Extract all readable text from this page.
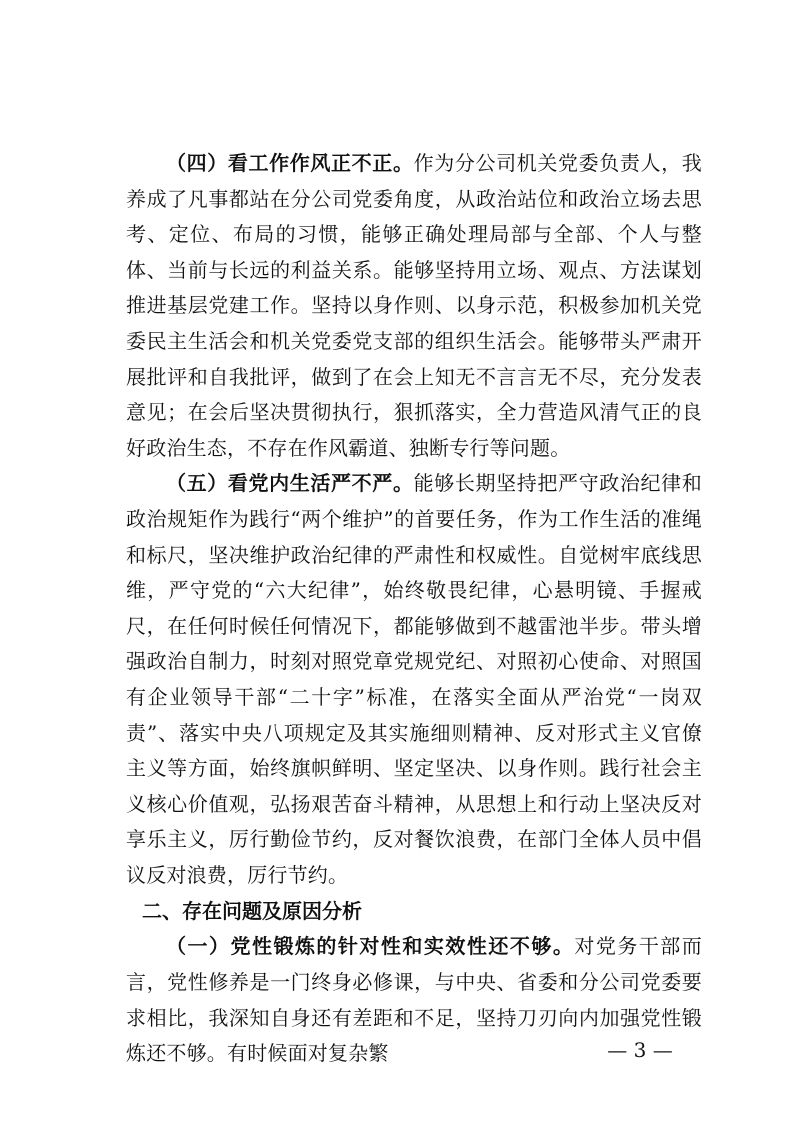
（四）看工作作风正不正。作为分公司机关党委负责人，我养成了凡事都站在分公司党委角度，从政治站位和政治立场去思考、定位、布局的习惯，能够正确处理局部与全部、个人与整体、当前与长远的利益关系。能够坚持用立场、观点、方法谋划推进基层党建工作。坚持以身作则、以身示范，积极参加机关党委民主生活会和机关党委党支部的组织生活会。能够带头严肃开展批评和自我批评，做到了在会上知无不言言无不尽，充分发表意见；在会后坚决贯彻执行，狠抓落实，全力营造风清气正的良好政治生态，不存在作风霸道、独断专行等问题。

（五）看党内生活严不严。能够长期坚持把严守政治纪律和政治规矩作为践行“两个维护”的首要任务，作为工作生活的准绳和标尺，坚决维护政治纪律的严肃性和权威性。自觉树牢底线思维，严守党的“六大纪律”，始终敬畏纪律，心悬明镜、手握戒尺，在任何时候任何情况下，都能够做到不越雷池半步。带头增强政治自制力，时刻对照党章党规党纪、对照初心使命、对照国有企业领导干部“二十字”标准，在落实全面从严治党“一岗双责”、落实中央八项规定及其实施细则精神、反对形式主义官僚主义等方面，始终旗帜鲜明、坚定坚决、以身作则。践行社会主义核心价值观，弘扬艰苦奋斗精神，从思想上和行动上坚决反对享乐主义，厉行勤俭节约，反对餐饮浪费，在部门全体人员中倡议反对浪费，厉行节约。

二、存在问题及原因分析

（一）党性锻炼的针对性和实效性还不够。对党务干部而言，党性修养是一门终身必修课，与中央、省委和分公司党委要求相比，我深知自身还有差距和不足，坚持刀刃向内加强党性锻炼还不够。有时候面对复杂繁	— 3 —
